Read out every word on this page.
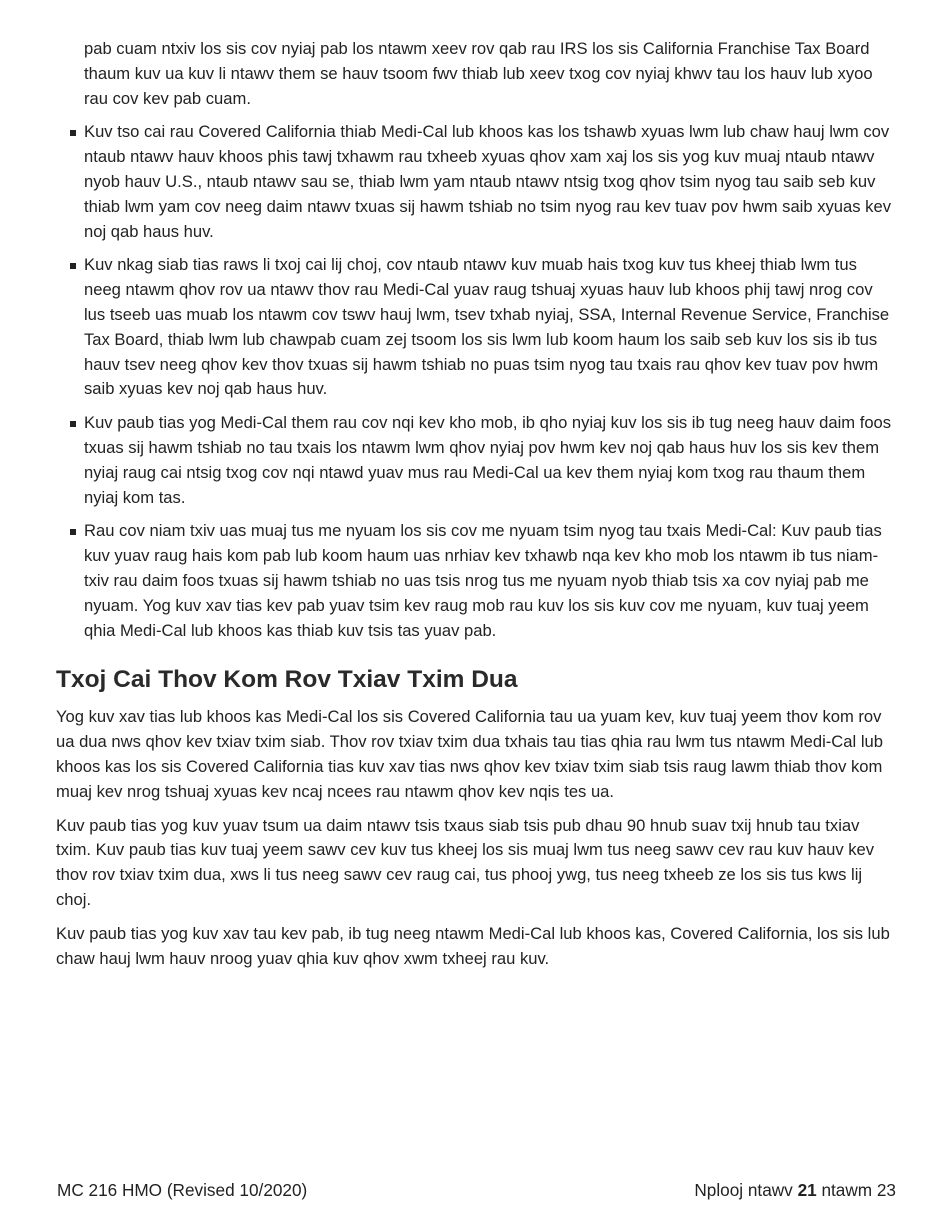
pab cuam ntxiv los sis cov nyiaj pab los ntawm xeev rov qab rau IRS los sis California Franchise Tax Board thaum kuv ua kuv li ntawv them se hauv tsoom fwv thiab lub xeev txog cov nyiaj khwv tau los hauv lub xyoo rau cov kev pab cuam.

Kuv tso cai rau Covered California thiab Medi-Cal lub khoos kas los tshawb xyuas lwm lub chaw hauj lwm cov ntaub ntawv hauv khoos phis tawj txhawm rau txheeb xyuas qhov xam xaj los sis yog kuv muaj ntaub ntawv nyob hauv U.S., ntaub ntawv sau se, thiab lwm yam ntaub ntawv ntsig txog qhov tsim nyog tau saib seb kuv thiab lwm yam cov neeg daim ntawv txuas sij hawm tshiab no tsim nyog rau kev tuav pov hwm saib xyuas kev noj qab haus huv.
Kuv nkag siab tias raws li txoj cai lij choj, cov ntaub ntawv kuv muab hais txog kuv tus kheej thiab lwm tus neeg ntawm qhov rov ua ntawv thov rau Medi-Cal yuav raug tshuaj xyuas hauv lub khoos phij tawj nrog cov lus tseeb uas muab los ntawm cov tswv hauj lwm, tsev txhab nyiaj, SSA, Internal Revenue Service, Franchise Tax Board, thiab lwm lub chawpab cuam zej tsoom los sis lwm lub koom haum los saib seb kuv los sis ib tus hauv tsev neeg qhov kev thov txuas sij hawm tshiab no puas tsim nyog tau txais rau qhov kev tuav pov hwm saib xyuas kev noj qab haus huv.
Kuv paub tias yog Medi-Cal them rau cov nqi kev kho mob, ib qho nyiaj kuv los sis ib tug neeg hauv daim foos txuas sij hawm tshiab no tau txais los ntawm lwm qhov nyiaj pov hwm kev noj qab haus huv los sis kev them nyiaj raug cai ntsig txog cov nqi ntawd yuav mus rau Medi-Cal ua kev them nyiaj kom txog rau thaum them nyiaj kom tas.
Rau cov niam txiv uas muaj tus me nyuam los sis cov me nyuam tsim nyog tau txais Medi-Cal: Kuv paub tias kuv yuav raug hais kom pab lub koom haum uas nrhiav kev txhawb nqa kev kho mob los ntawm ib tus niam-txiv rau daim foos txuas sij hawm tshiab no uas tsis nrog tus me nyuam nyob thiab tsis xa cov nyiaj pab me nyuam. Yog kuv xav tias kev pab yuav tsim kev raug mob rau kuv los sis kuv cov me nyuam, kuv tuaj yeem qhia Medi-Cal lub khoos kas thiab kuv tsis tas yuav pab.
Txoj Cai Thov Kom Rov Txiav Txim Dua

Yog kuv xav tias lub khoos kas Medi-Cal los sis Covered California tau ua yuam kev, kuv tuaj yeem thov kom rov ua dua nws qhov kev txiav txim siab. Thov rov txiav txim dua txhais tau tias qhia rau lwm tus ntawm Medi-Cal lub khoos kas los sis Covered California tias kuv xav tias nws qhov kev txiav txim siab tsis raug lawm thiab thov kom muaj kev nrog tshuaj xyuas kev ncaj ncees rau ntawm qhov kev nqis tes ua.

Kuv paub tias yog kuv yuav tsum ua daim ntawv tsis txaus siab tsis pub dhau 90 hnub suav txij hnub tau txiav txim. Kuv paub tias kuv tuaj yeem sawv cev kuv tus kheej los sis muaj lwm tus neeg sawv cev rau kuv hauv kev thov rov txiav txim dua, xws li tus neeg sawv cev raug cai, tus phooj ywg, tus neeg txheeb ze los sis tus kws lij choj.

Kuv paub tias yog kuv xav tau kev pab, ib tug neeg ntawm Medi-Cal lub khoos kas, Covered California, los sis lub chaw hauj lwm hauv nroog yuav qhia kuv qhov xwm txheej rau kuv.

MC 216 HMO (Revised 10/2020)	Nplooj ntawv 21 ntawm 23
